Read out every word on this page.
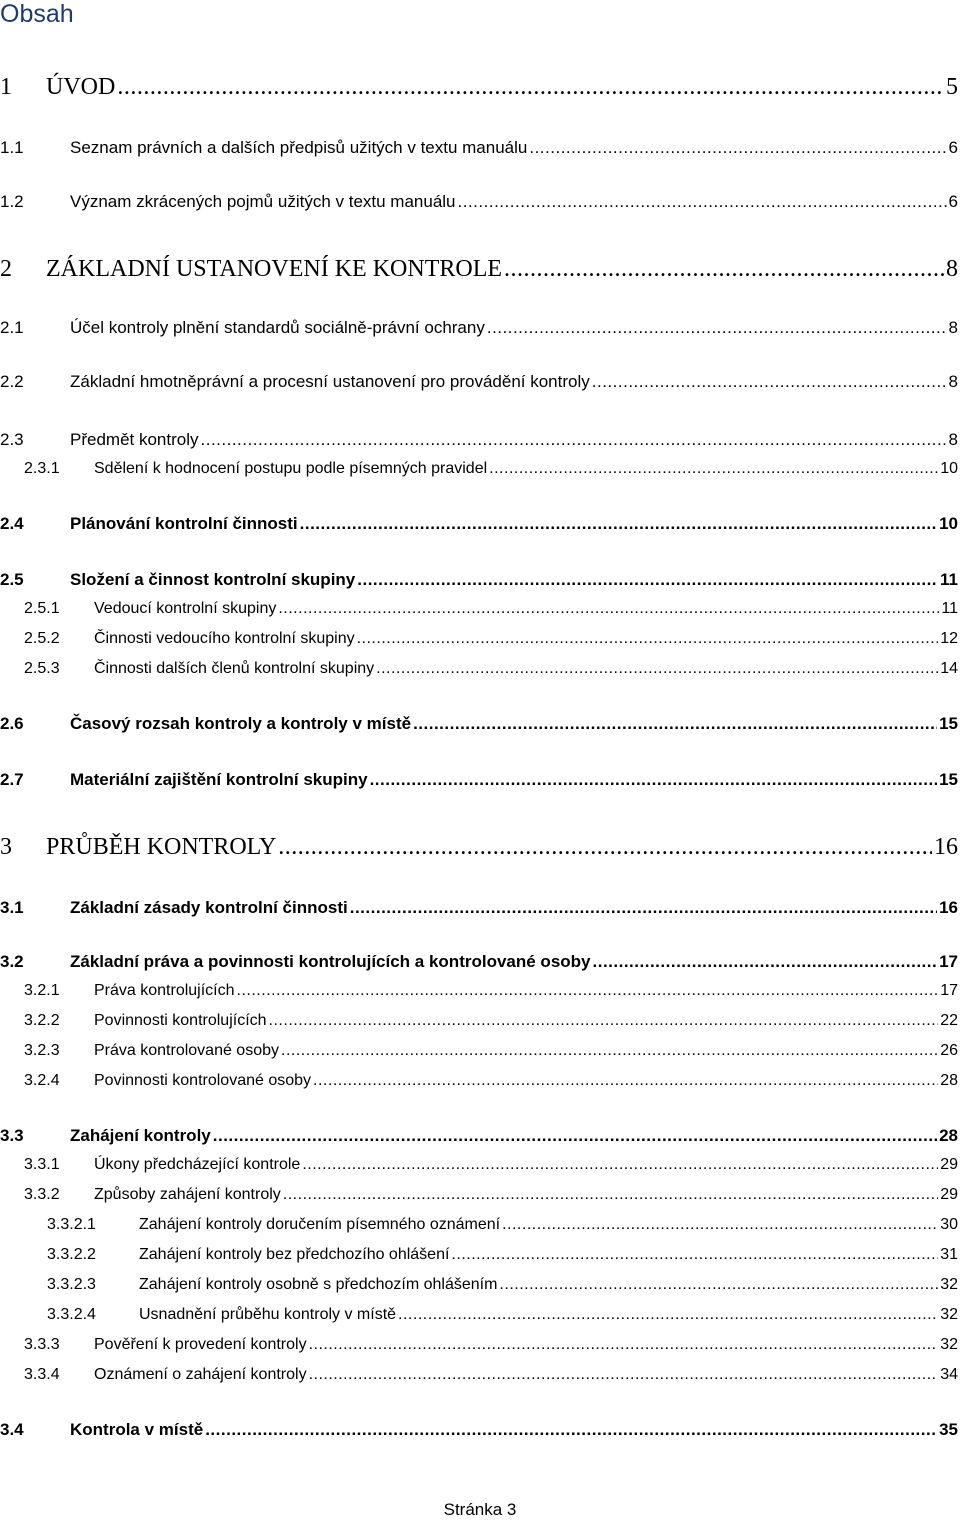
Obsah
1	ÚVOD .....	5
1.1	Seznam právních a dalších předpisů užitých v textu manuálu .....	6
1.2	Význam zkrácených pojmů užitých v textu manuálu .....	6
2	ZÁKLADNÍ USTANOVENÍ KE KONTROLE .....	8
2.1	Účel kontroly plnění standardů sociálně-právní ochrany .....	8
2.2	Základní hmotněprávní a procesní ustanovení pro provádění kontroly .....	8
2.3	Předmět kontroly .....	8
2.3.1	Sdělení k hodnocení postupu podle písemných pravidel .....	10
2.4	Plánování kontrolní činnosti .....	10
2.5	Složení a činnost kontrolní skupiny .....	11
2.5.1	Vedoucí kontrolní skupiny .....	11
2.5.2	Činnosti vedoucího kontrolní skupiny .....	12
2.5.3	Činnosti dalších členů kontrolní skupiny .....	14
2.6	Časový rozsah kontroly a kontroly v místě .....	15
2.7	Materiální zajištění kontrolní skupiny .....	15
3	PRŮBĚH KONTROLY .....	16
3.1	Základní zásady kontrolní činnosti .....	16
3.2	Základní práva a povinnosti kontrolujících a kontrolované osoby .....	17
3.2.1	Práva kontrolujících .....	17
3.2.2	Povinnosti kontrolujících .....	22
3.2.3	Práva kontrolované osoby .....	26
3.2.4	Povinnosti kontrolované osoby .....	28
3.3	Zahájení kontroly .....	28
3.3.1	Úkony předcházející kontrole .....	29
3.3.2	Způsoby zahájení kontroly .....	29
3.3.2.1	Zahájení kontroly doručením písemného oznámení .....	30
3.3.2.2	Zahájení kontroly bez předchozího ohlášení .....	31
3.3.2.3	Zahájení kontroly osobně s předchozím ohlášením .....	32
3.3.2.4	Usnadnění průběhu kontroly v místě .....	32
3.3.3	Pověření k provedení kontroly .....	32
3.3.4	Oznámení o zahájení kontroly .....	34
3.4	Kontrola v místě .....	35
Stránka 3
